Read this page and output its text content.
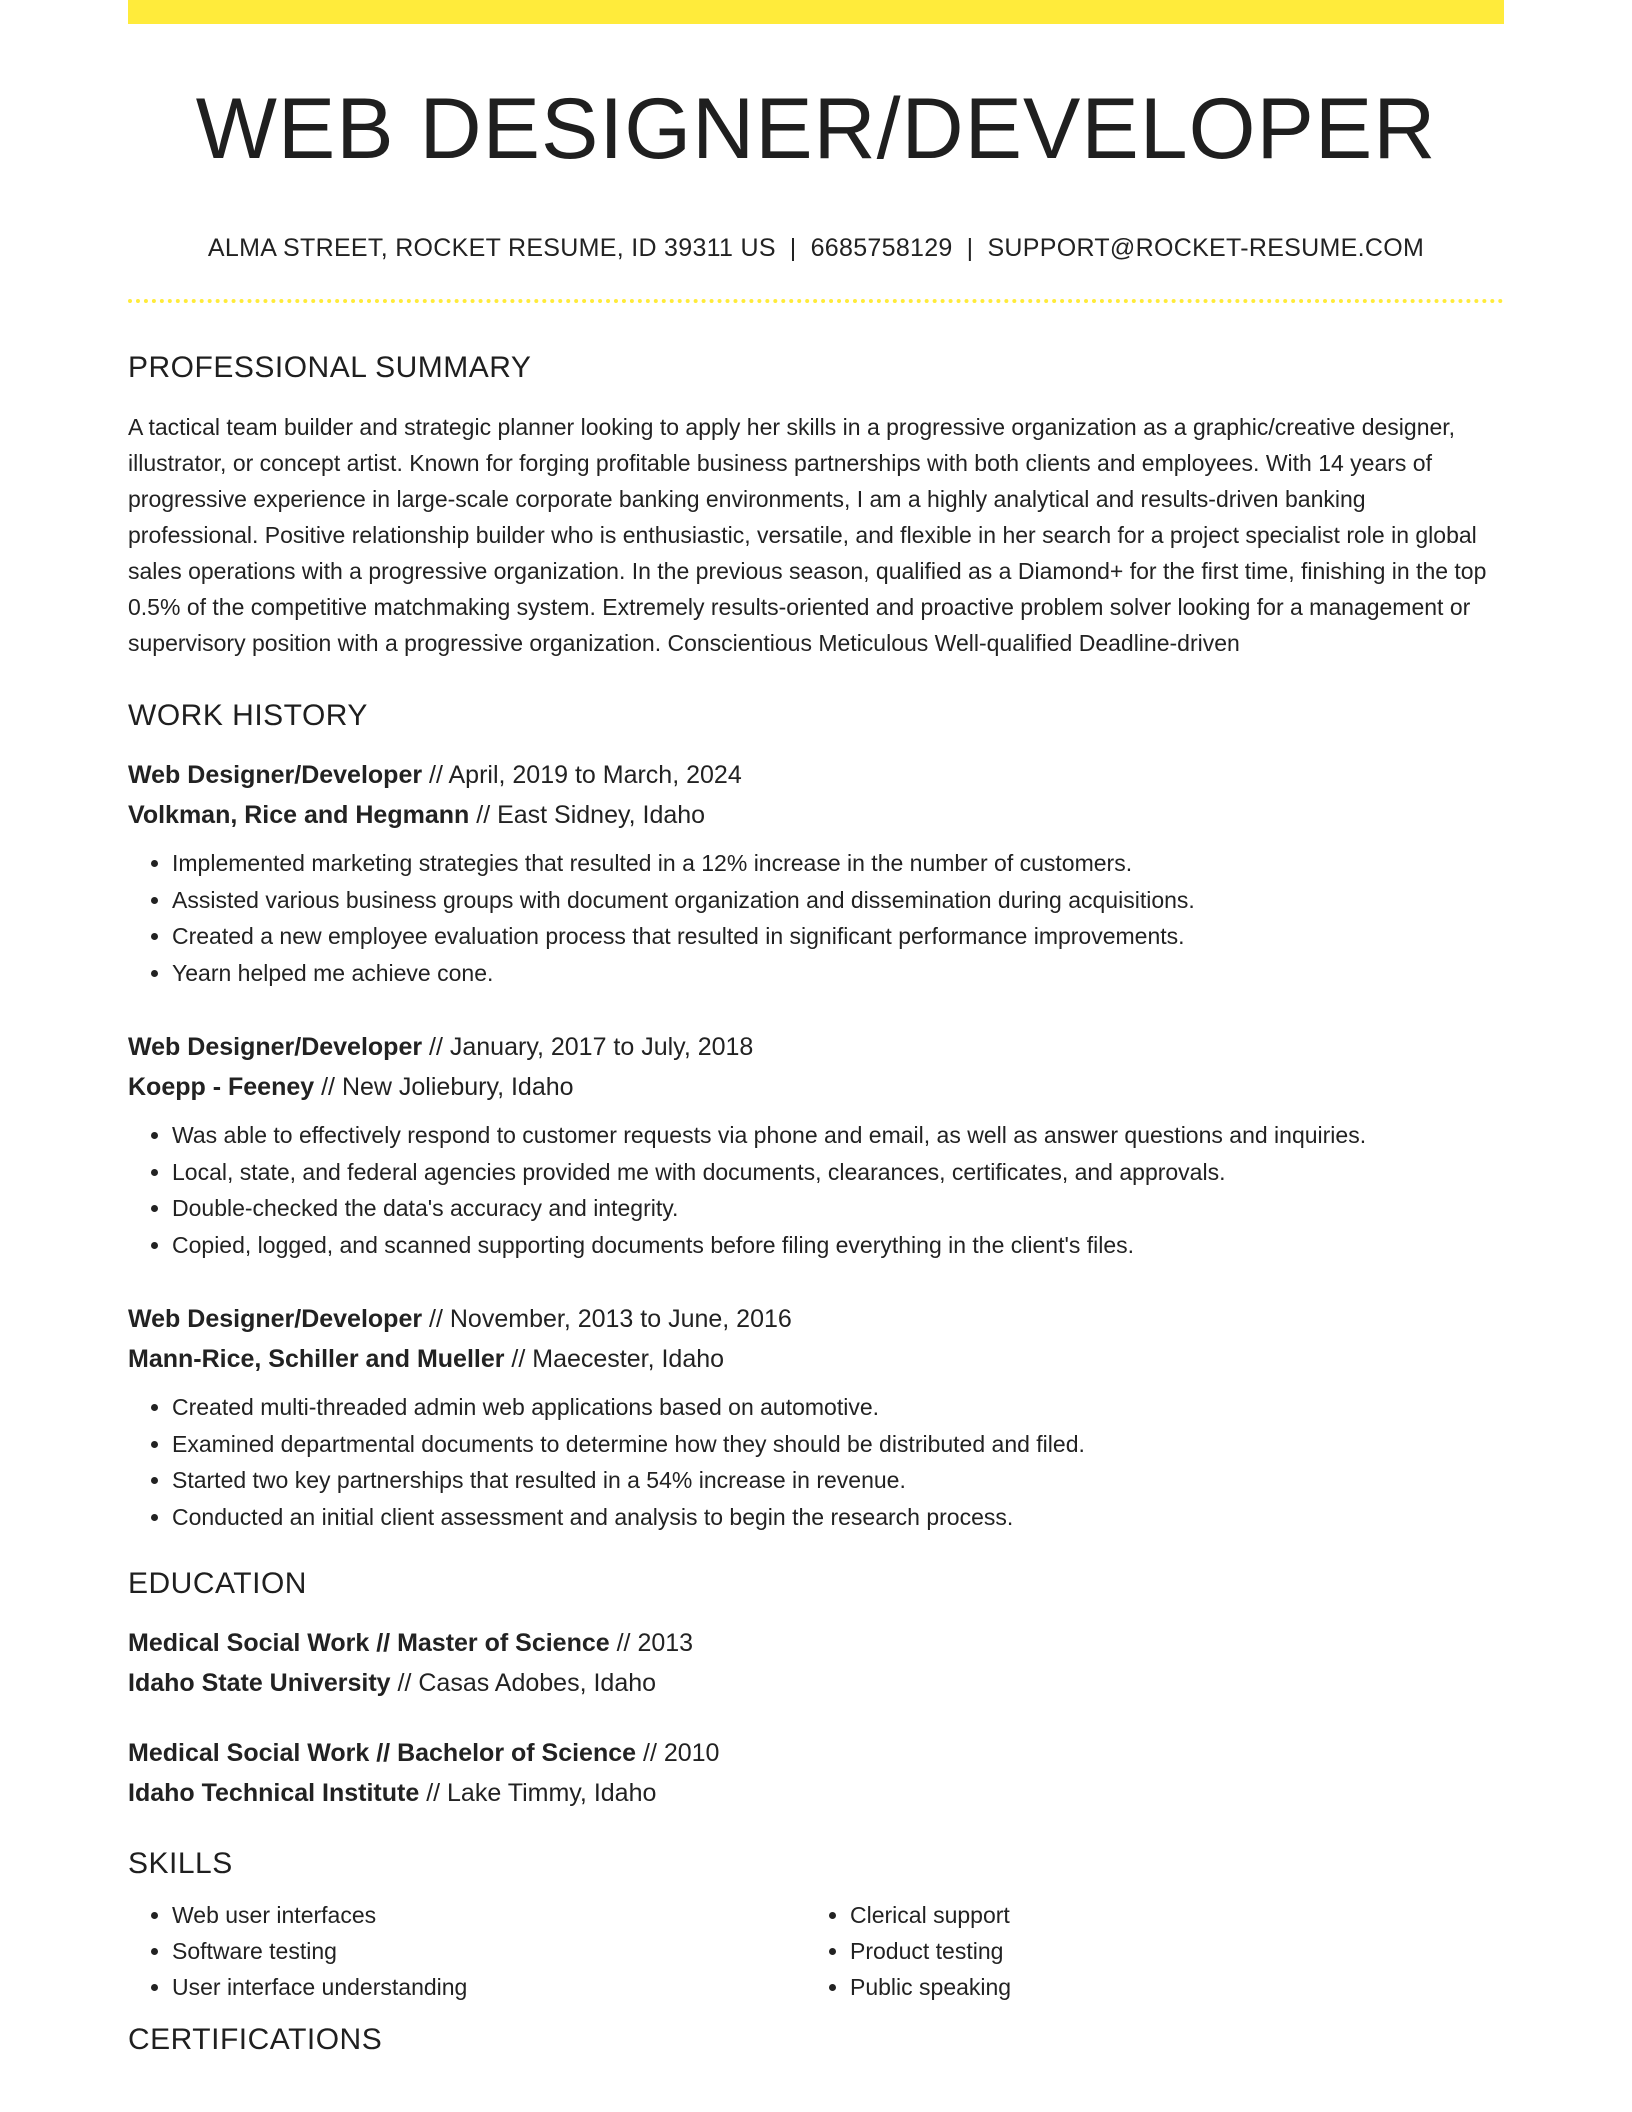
WEB DESIGNER/DEVELOPER
ALMA STREET, ROCKET RESUME, ID 39311 US | 6685758129 | SUPPORT@ROCKET-RESUME.COM
PROFESSIONAL SUMMARY

A tactical team builder and strategic planner looking to apply her skills in a progressive organization as a graphic/creative designer, illustrator, or concept artist. Known for forging profitable business partnerships with both clients and employees. With 14 years of progressive experience in large-scale corporate banking environments, I am a highly analytical and results-driven banking professional. Positive relationship builder who is enthusiastic, versatile, and flexible in her search for a project specialist role in global sales operations with a progressive organization. In the previous season, qualified as a Diamond+ for the first time, finishing in the top 0.5% of the competitive matchmaking system. Extremely results-oriented and proactive problem solver looking for a management or supervisory position with a progressive organization. Conscientious Meticulous Well-qualified Deadline-driven

WORK HISTORY
Web Designer/Developer // April, 2019 to March, 2024
Volkman, Rice and Hegmann // East Sidney, Idaho
• Implemented marketing strategies that resulted in a 12% increase in the number of customers.
• Assisted various business groups with document organization and dissemination during acquisitions.
• Created a new employee evaluation process that resulted in significant performance improvements.
• Yearn helped me achieve cone.
Web Designer/Developer // January, 2017 to July, 2018
Koepp - Feeney // New Joliebury, Idaho
• Was able to effectively respond to customer requests via phone and email, as well as answer questions and inquiries.
• Local, state, and federal agencies provided me with documents, clearances, certificates, and approvals.
• Double-checked the data's accuracy and integrity.
• Copied, logged, and scanned supporting documents before filing everything in the client's files.
Web Designer/Developer // November, 2013 to June, 2016
Mann-Rice, Schiller and Mueller // Maecester, Idaho
• Created multi-threaded admin web applications based on automotive.
• Examined departmental documents to determine how they should be distributed and filed.
• Started two key partnerships that resulted in a 54% increase in revenue.
• Conducted an initial client assessment and analysis to begin the research process.
EDUCATION
Medical Social Work // Master of Science // 2013
Idaho State University // Casas Adobes, Idaho
Medical Social Work // Bachelor of Science // 2010
Idaho Technical Institute // Lake Timmy, Idaho
SKILLS
• Web user interfaces
• Software testing
• User interface understanding
• Clerical support
• Product testing
• Public speaking
CERTIFICATIONS
